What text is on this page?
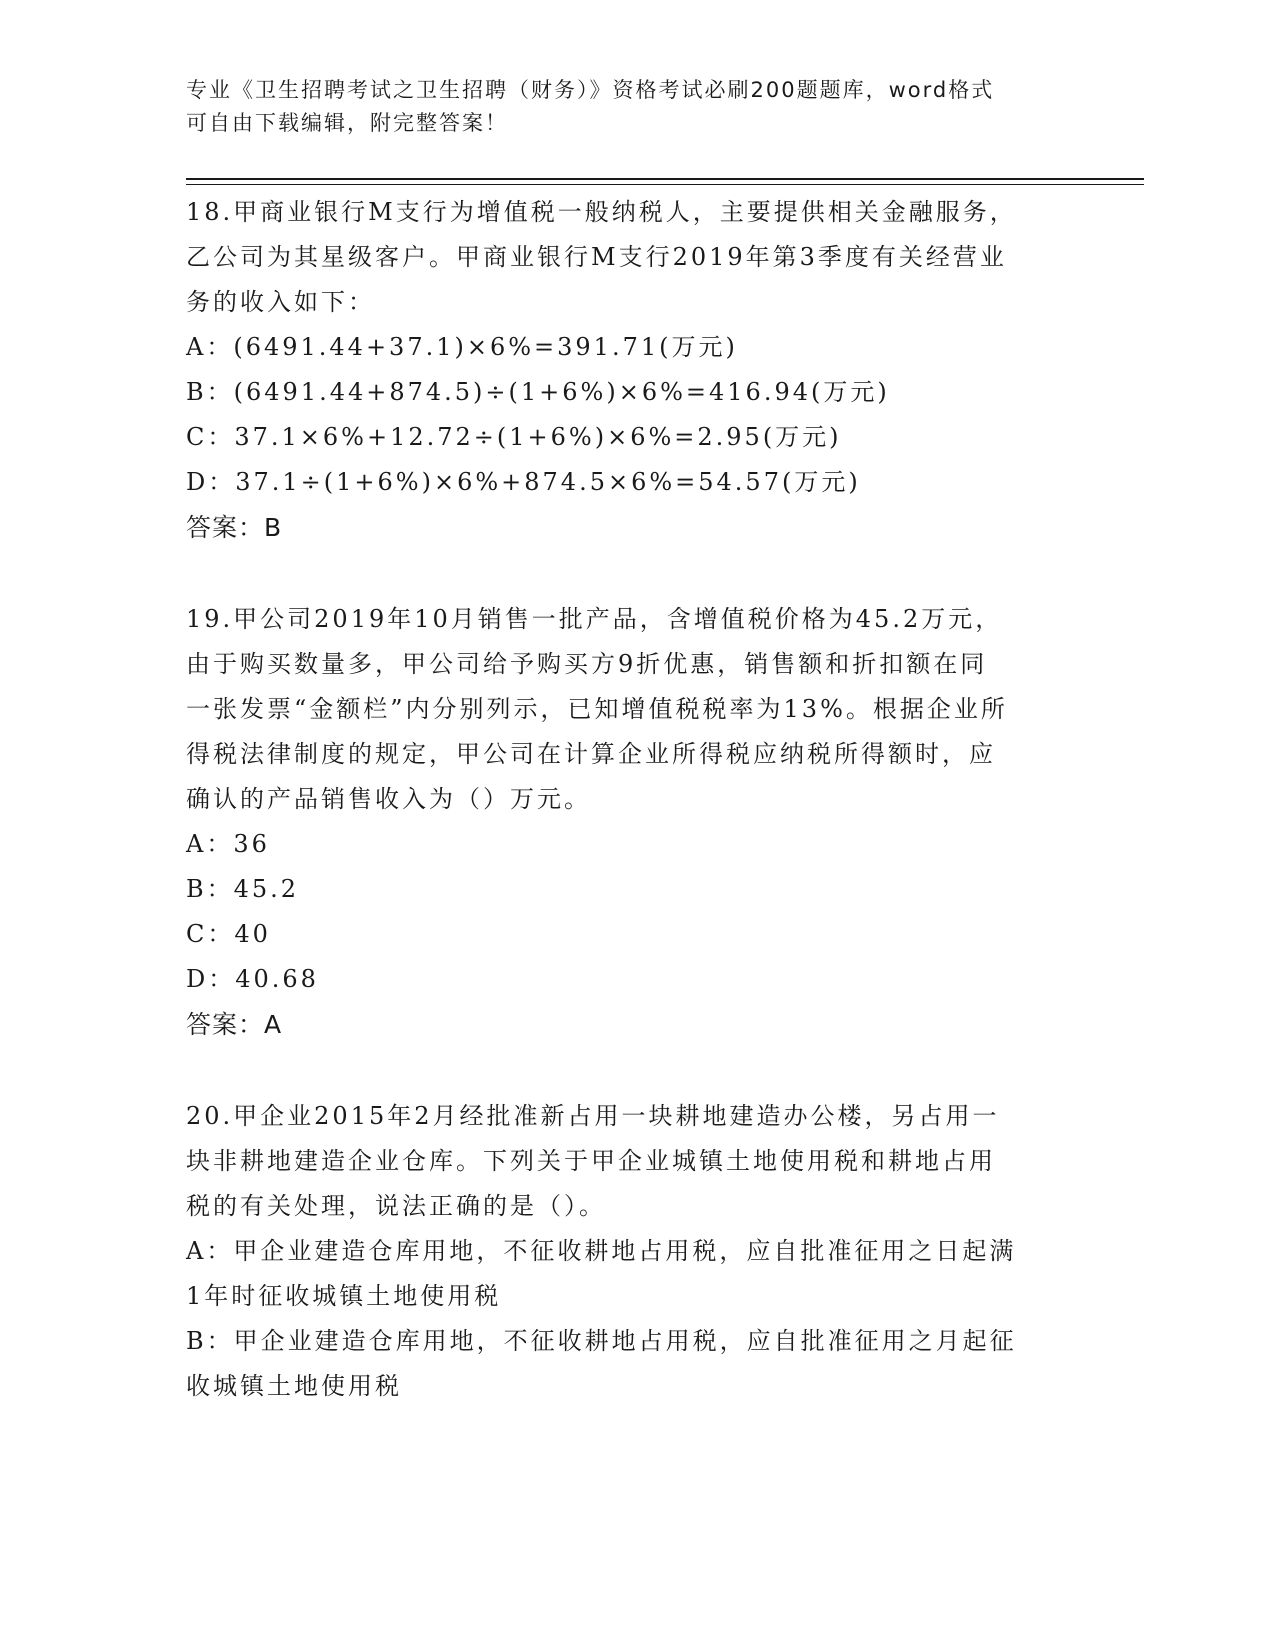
专业《卫生招聘考试之卫生招聘（财务）》资格考试必刷200题题库，word格式
可自由下载编辑，附完整答案！
18.甲商业银行M支行为增值税一般纳税人，主要提供相关金融服务，
乙公司为其星级客户。甲商业银行M支行2019年第3季度有关经营业
务的收入如下：
A：(6491.44+37.1)×6%=391.71(万元)
B：(6491.44+874.5)÷(1+6%)×6%=416.94(万元)
C：37.1×6%+12.72÷(1+6%)×6%=2.95(万元)
D：37.1÷(1+6%)×6%+874.5×6%=54.57(万元)
答案：B
19.甲公司2019年10月销售一批产品，含增值税价格为45.2万元，
由于购买数量多，甲公司给予购买方9折优惠，销售额和折扣额在同
一张发票“金额栏”内分别列示，已知增值税税率为13%。根据企业所
得税法律制度的规定，甲公司在计算企业所得税应纳税所得额时，应
确认的产品销售收入为（）万元。
A：36
B：45.2
C：40
D：40.68
答案：A
20.甲企业2015年2月经批准新占用一块耕地建造办公楼，另占用一
块非耕地建造企业仓库。下列关于甲企业城镇土地使用税和耕地占用
税的有关处理，说法正确的是（）。
A：甲企业建造仓库用地，不征收耕地占用税，应自批准征用之日起满
1年时征收城镇土地使用税
B：甲企业建造仓库用地，不征收耕地占用税，应自批准征用之月起征
收城镇土地使用税
